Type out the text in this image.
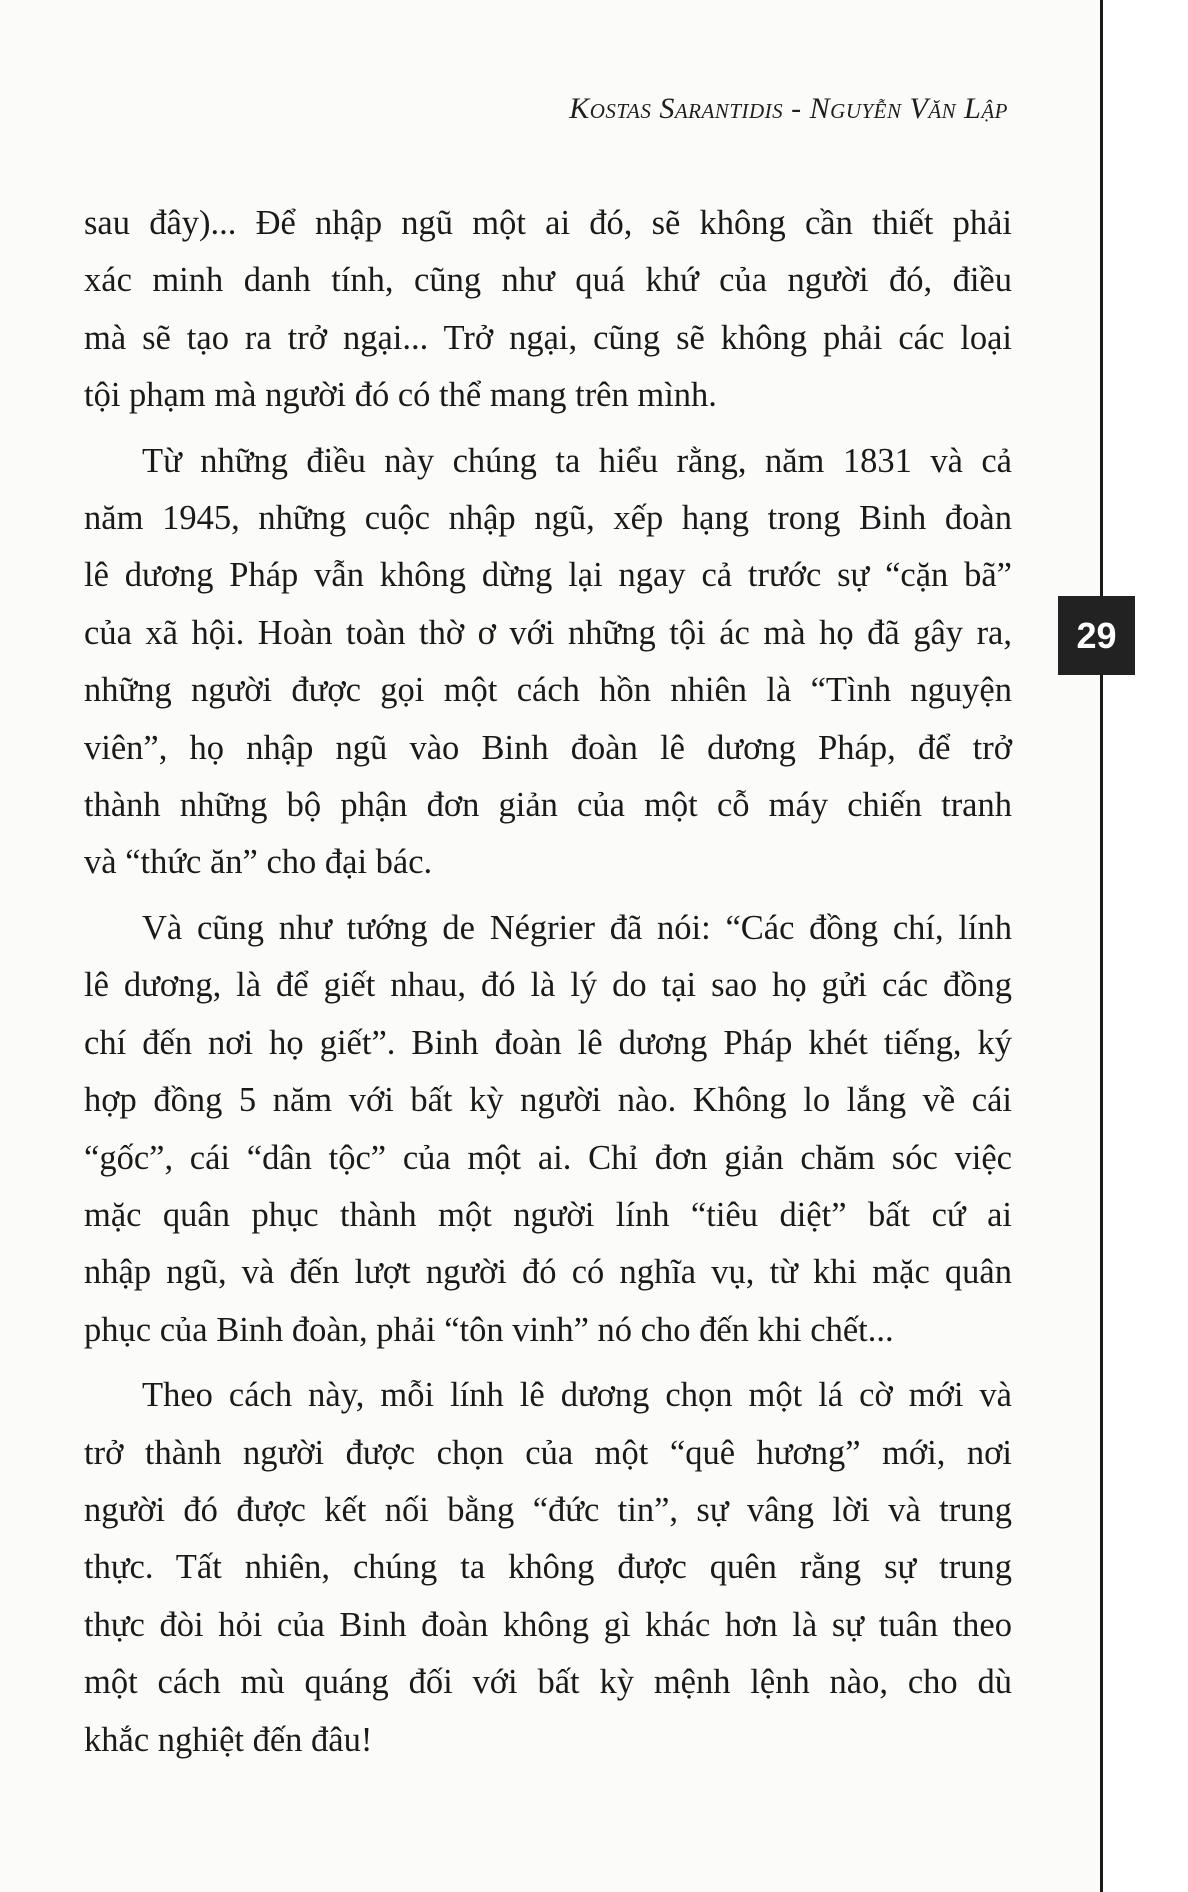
Kostas Sarantidis - Nguyễn Văn Lập
29
sau đây)... Để nhập ngũ một ai đó, sẽ không cần thiết phải
xác minh danh tính, cũng như quá khứ của người đó, điều
mà sẽ tạo ra trở ngại... Trở ngại, cũng sẽ không phải các loại
tội phạm mà người đó có thể mang trên mình.
Từ những điều này chúng ta hiểu rằng, năm 1831 và cả
năm 1945, những cuộc nhập ngũ, xếp hạng trong Binh đoàn
lê dương Pháp vẫn không dừng lại ngay cả trước sự “cặn bã”
của xã hội. Hoàn toàn thờ ơ với những tội ác mà họ đã gây ra,
những người được gọi một cách hồn nhiên là “Tình nguyện
viên”, họ nhập ngũ vào Binh đoàn lê dương Pháp, để trở
thành những bộ phận đơn giản của một cỗ máy chiến tranh
và “thức ăn” cho đại bác.
Và cũng như tướng de Négrier đã nói: “Các đồng chí, lính
lê dương, là để giết nhau, đó là lý do tại sao họ gửi các đồng
chí đến nơi họ giết”. Binh đoàn lê dương Pháp khét tiếng, ký
hợp đồng 5 năm với bất kỳ người nào. Không lo lắng về cái
“gốc”, cái “dân tộc” của một ai. Chỉ đơn giản chăm sóc việc
mặc quân phục thành một người lính “tiêu diệt” bất cứ ai
nhập ngũ, và đến lượt người đó có nghĩa vụ, từ khi mặc quân
phục của Binh đoàn, phải “tôn vinh” nó cho đến khi chết...
Theo cách này, mỗi lính lê dương chọn một lá cờ mới và
trở thành người được chọn của một “quê hương” mới, nơi
người đó được kết nối bằng “đức tin”, sự vâng lời và trung
thực. Tất nhiên, chúng ta không được quên rằng sự trung
thực đòi hỏi của Binh đoàn không gì khác hơn là sự tuân theo
một cách mù quáng đối với bất kỳ mệnh lệnh nào, cho dù
khắc nghiệt đến đâu!
